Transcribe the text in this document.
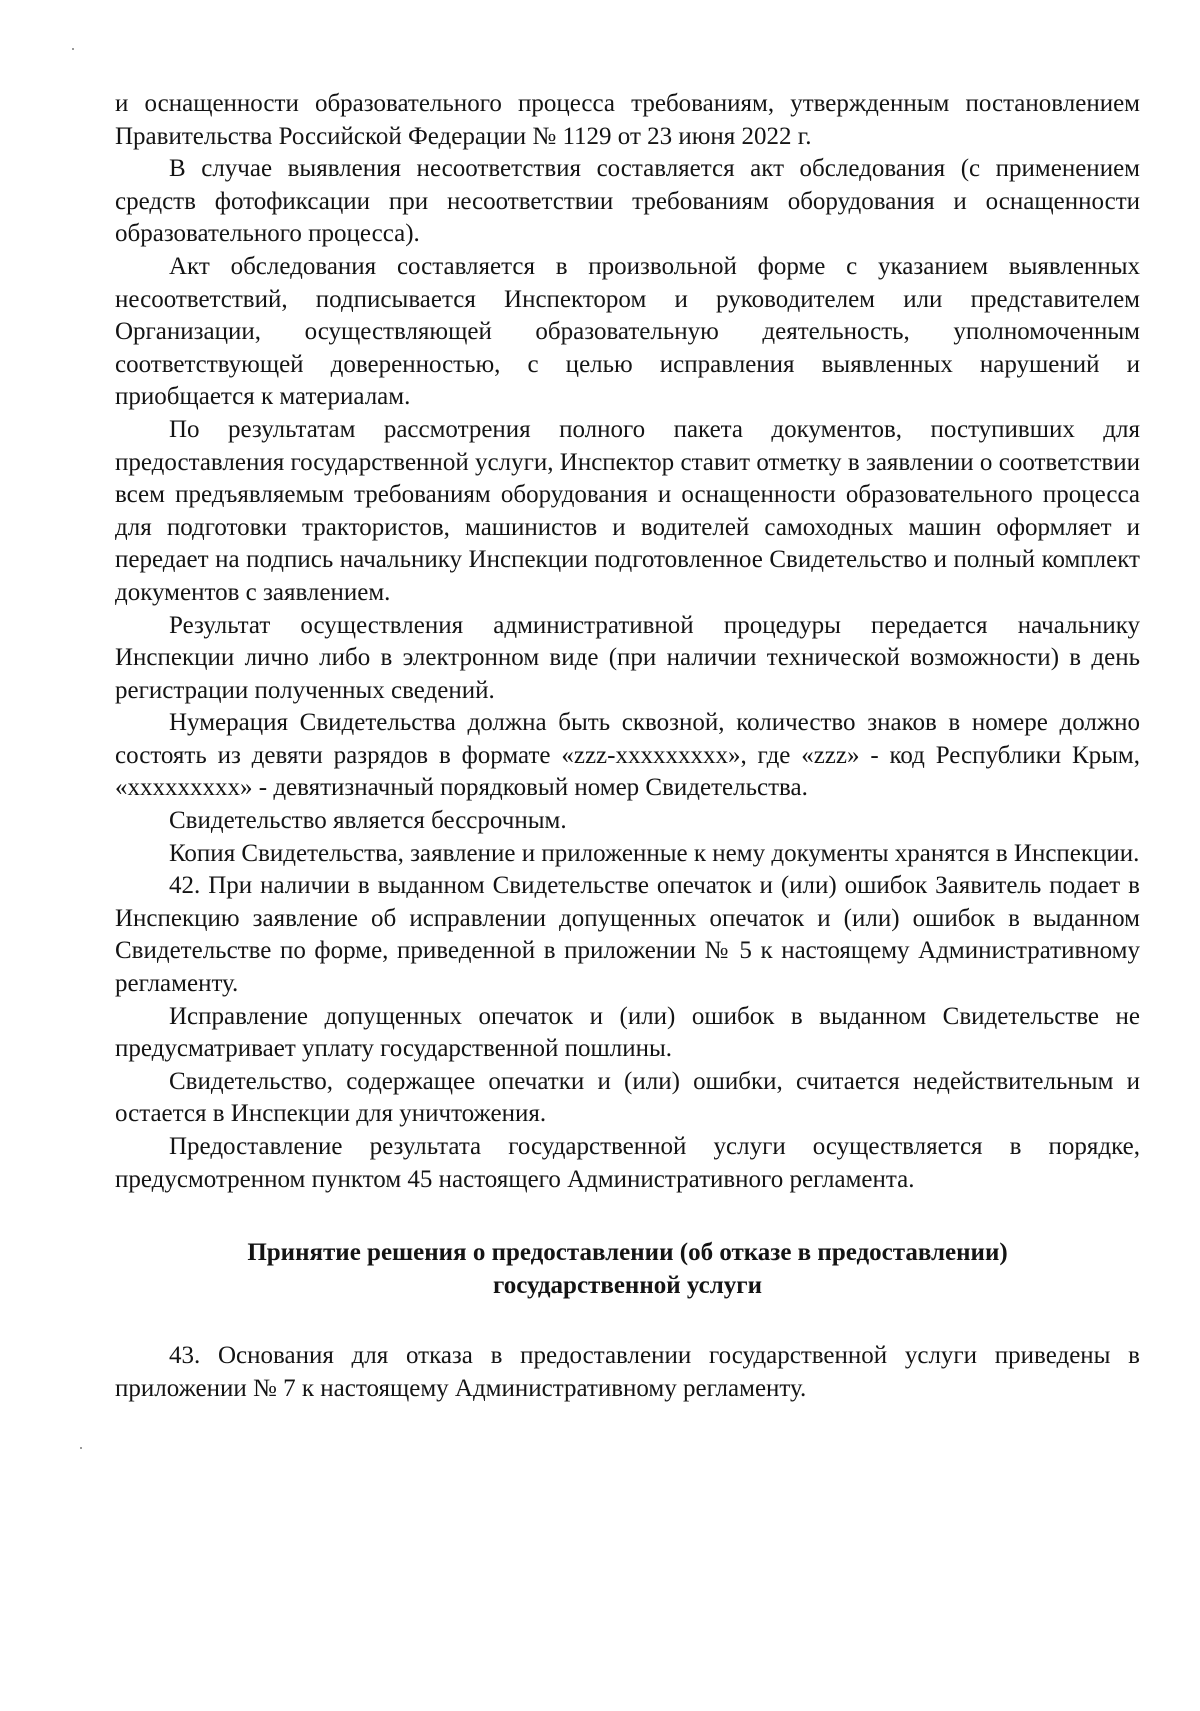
и оснащенности образовательного процесса требованиям, утвержденным постановлением Правительства Российской Федерации № 1129 от 23 июня 2022 г.

В случае выявления несоответствия составляется акт обследования (с применением средств фотофиксации при несоответствии требованиям оборудования и оснащенности образовательного процесса).

Акт обследования составляется в произвольной форме с указанием выявленных несоответствий, подписывается Инспектором и руководителем или представителем Организации, осуществляющей образовательную деятельность, уполномоченным соответствующей доверенностью, с целью исправления выявленных нарушений и приобщается к материалам.

По результатам рассмотрения полного пакета документов, поступивших для предоставления государственной услуги, Инспектор ставит отметку в заявлении о соответствии всем предъявляемым требованиям оборудования и оснащенности образовательного процесса для подготовки трактористов, машинистов и водителей самоходных машин оформляет и передает на подпись начальнику Инспекции подготовленное Свидетельство и полный комплект документов с заявлением.

Результат осуществления административной процедуры передается начальнику Инспекции лично либо в электронном виде (при наличии технической возможности) в день регистрации полученных сведений.

Нумерация Свидетельства должна быть сквозной, количество знаков в номере должно состоять из девяти разрядов в формате «zzz-xxxxxxxxx», где «zzz» - код Республики Крым, «xxxxxxxxx» - девятизначный порядковый номер Свидетельства.

Свидетельство является бессрочным.

Копия Свидетельства, заявление и приложенные к нему документы хранятся в Инспекции.

42. При наличии в выданном Свидетельстве опечаток и (или) ошибок Заявитель подает в Инспекцию заявление об исправлении допущенных опечаток и (или) ошибок в выданном Свидетельстве по форме, приведенной в приложении № 5 к настоящему Административному регламенту.

Исправление допущенных опечаток и (или) ошибок в выданном Свидетельстве не предусматривает уплату государственной пошлины.

Свидетельство, содержащее опечатки и (или) ошибки, считается недействительным и остается в Инспекции для уничтожения.

Предоставление результата государственной услуги осуществляется в порядке, предусмотренном пунктом 45 настоящего Административного регламента.

Принятие решения о предоставлении (об отказе в предоставлении)
государственной услуги

43. Основания для отказа в предоставлении государственной услуги приведены в приложении № 7 к настоящему Административному регламенту.
